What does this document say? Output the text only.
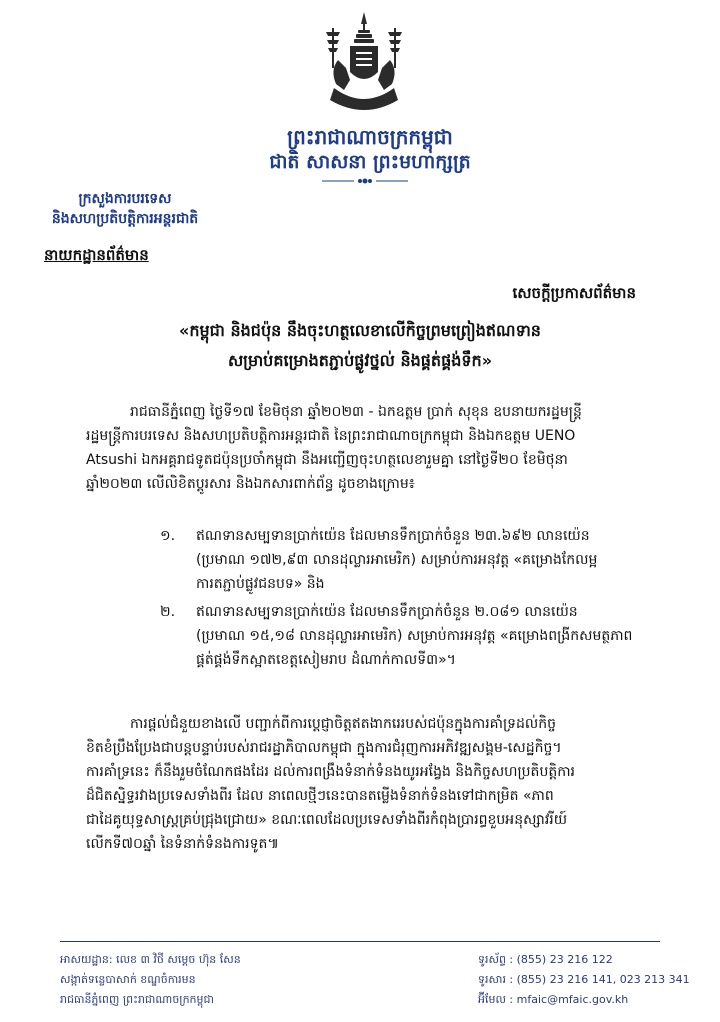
ព្រះរាជាណាចក្រកម្ពុជា
ជាតិ សាសនា ព្រះមហាក្សត្រ
ក្រសួងការបរទេស
និងសហប្រតិបត្តិការអន្តរជាតិ
នាយកដ្ឋានព័ត៌មាន
សេចក្ដីប្រកាសព័ត៌មាន
«កម្ពុជា និងជប៉ុន នឹងចុះហត្ថលេខាលើកិច្ចព្រមព្រៀងឥណទាន
សម្រាប់គម្រោងតភ្ជាប់ផ្លូវថ្នល់ និងផ្គត់ផ្គង់ទឹក»
រាជធានីភ្នំពេញ ថ្ងៃទី១៧ ខែមិថុនា ឆ្នាំ២០២៣ - ឯកឧត្តម ប្រាក់ សុខុន ឧបនាយករដ្ឋមន្ត្រី
រដ្ឋមន្ត្រីការបរទេស និងសហប្រតិបត្តិការអន្តរជាតិ នៃព្រះរាជាណាចក្រកម្ពុជា និងឯកឧត្តម UENO
Atsushi ឯកអគ្គរាជទូតជប៉ុនប្រចាំកម្ពុជា នឹងអញ្ជើញចុះហត្ថលេខារួមគ្នា នៅថ្ងៃទី២០ ខែមិថុនា
ឆ្នាំ២០២៣ លើលិខិតប្ដូរសារ និងឯកសារពាក់ព័ន្ធ ដូចខាងក្រោម៖
១.	ឥណទានសម្បទានប្រាក់យ៉េន ដែលមានទឹកប្រាក់ចំនួន ២៣.៦៩២ លានយ៉េន
(ប្រមាណ ១៧២,៩៣ លានដុល្លារអាមេរិក) សម្រាប់ការអនុវត្ត «គម្រោងកែលម្អ
ការតភ្ជាប់ផ្លូវជនបទ» និង
២.	ឥណទានសម្បទានប្រាក់យ៉េន ដែលមានទឹកប្រាក់ចំនួន ២.០៨១ លានយ៉េន
(ប្រមាណ ១៥,១៨ លានដុល្លារអាមេរិក) សម្រាប់ការអនុវត្ត «គម្រោងពង្រីកសមត្ថភាព
ផ្គត់ផ្គង់ទឹកស្អាតខេត្តសៀមរាប ដំណាក់កាលទី៣»។
ការផ្ដល់ជំនួយខាងលើ បញ្ជាក់ពីការប្ដេជ្ញាចិត្តឥតងាករេរបស់ជប៉ុនក្នុងការគាំទ្រដល់កិច្ច
ខិតខំប្រឹងប្រែងជាបន្តបន្ទាប់របស់រាជរដ្ឋាភិបាលកម្ពុជា ក្នុងការជំរុញការអភិវឌ្ឍសង្គម-សេដ្ឋកិច្ច។
ការគាំទ្រនេះ ក៏នឹងរួមចំណែកផងដែរ ដល់ការពង្រឹងទំនាក់ទំនងយូរអង្វែង និងកិច្ចសហប្រតិបត្តិការ
ដ៏ជិតស្និទ្ធរវាងប្រទេសទាំងពីរ ដែល នាពេលថ្មីៗនេះបានតម្លើងទំនាក់ទំនងទៅជាកម្រិត «ភាព
ជាដៃគូយុទ្ធសាស្ត្រគ្រប់ជ្រុងជ្រោយ» ខណៈពេលដែលប្រទេសទាំងពីរកំពុងប្រារព្ធខួបអនុស្សាវរីយ៍
លើកទី៧០ឆ្នាំ នៃទំនាក់ទំនងការទូត៕
អាសយដ្ឋាន: លេខ ៣ វិថី សម្ដេច ហ៊ុន សែន
សង្កាត់ទន្លេបាសាក់ ខណ្ឌចំការមន
រាជធានីភ្នំពេញ ព្រះរាជាណាចក្រកម្ពុជា
ទូរស័ព្ទ : (855) 23 216 122
ទូរសារ : (855) 23 216 141, 023 213 341
អ៊ីមែល : mfaic@mfaic.gov.kh
